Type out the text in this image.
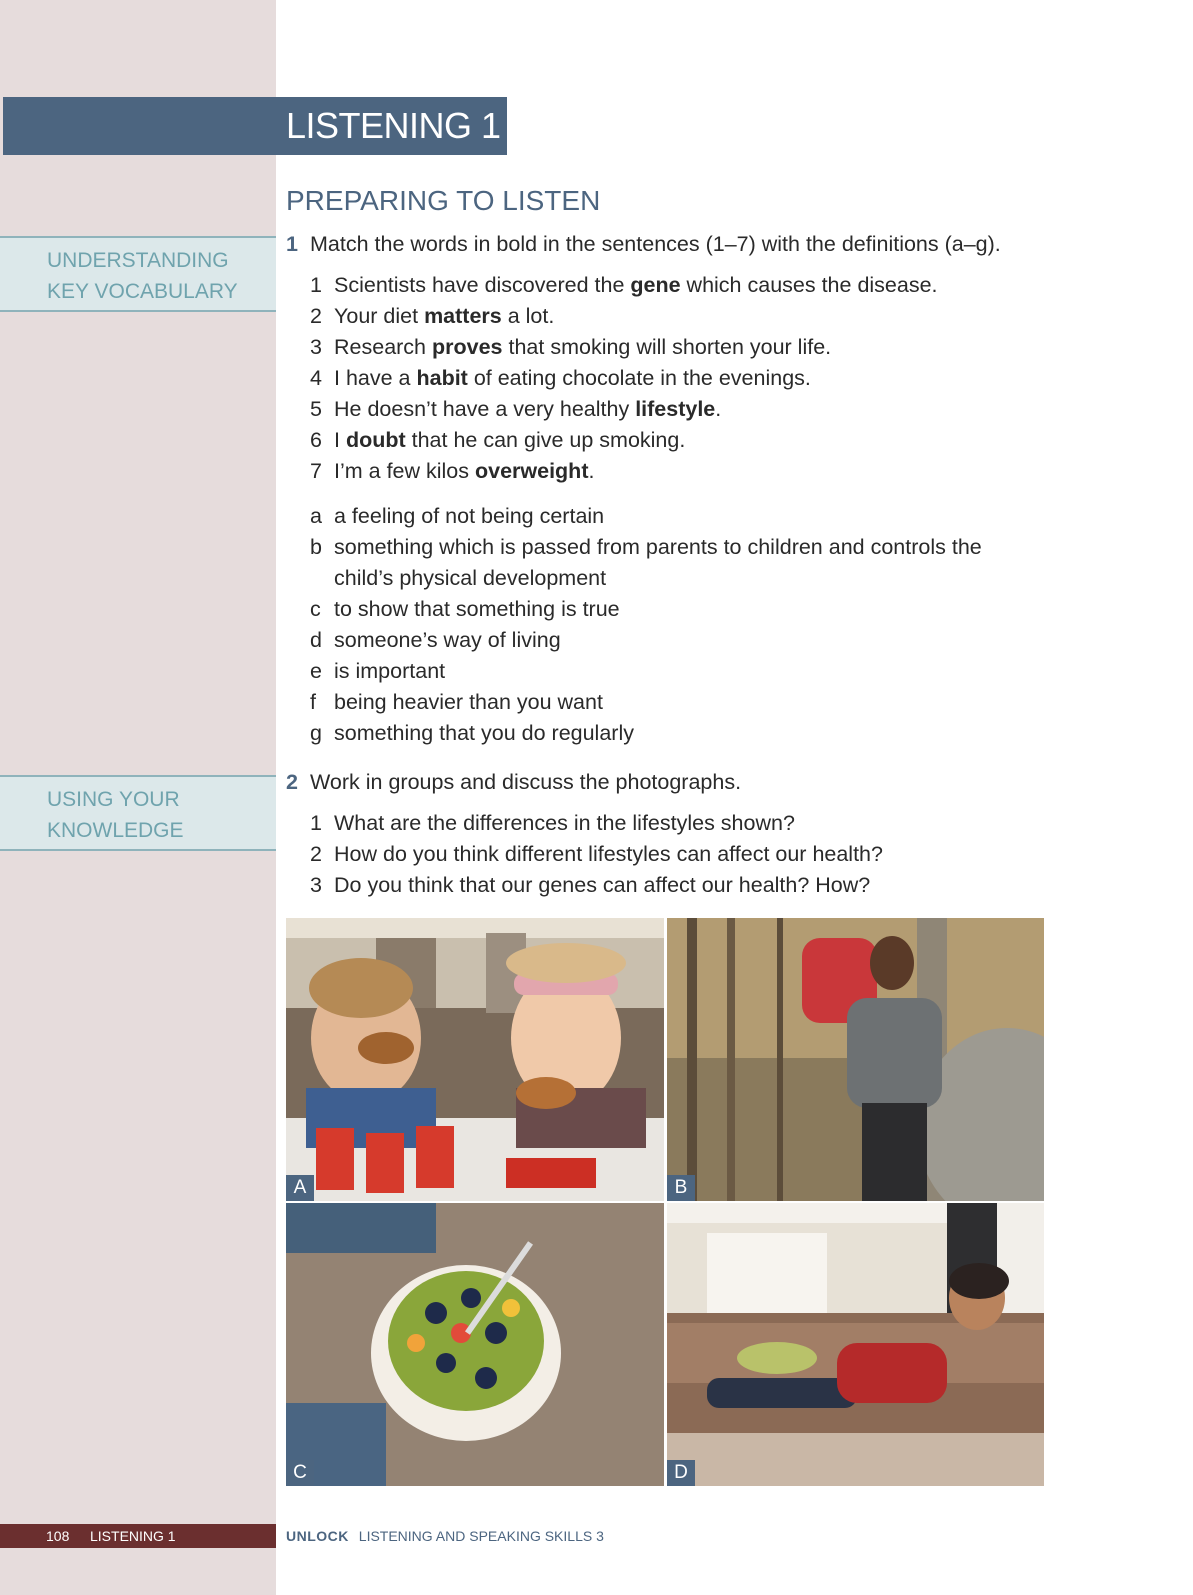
LISTENING 1
UNDERSTANDING
KEY VOCABULARY
USING YOUR
KNOWLEDGE
PREPARING TO LISTEN
1 Match the words in bold in the sentences (1–7) with the definitions (a–g).
1 Scientists have discovered the gene which causes the disease.
2 Your diet matters a lot.
3 Research proves that smoking will shorten your life.
4 I have a habit of eating chocolate in the evenings.
5 He doesn’t have a very healthy lifestyle.
6 I doubt that he can give up smoking.
7 I’m a few kilos overweight.
a a feeling of not being certain
b something which is passed from parents to children and controls the child’s physical development
c to show that something is true
d someone’s way of living
e is important
f being heavier than you want
g something that you do regularly
2 Work in groups and discuss the photographs.
1 What are the differences in the lifestyles shown?
2 How do you think different lifestyles can affect our health?
3 Do you think that our genes can affect our health? How?
A	B
C	D
108 LISTENING 1	UNLOCK LISTENING AND SPEAKING SKILLS 3
